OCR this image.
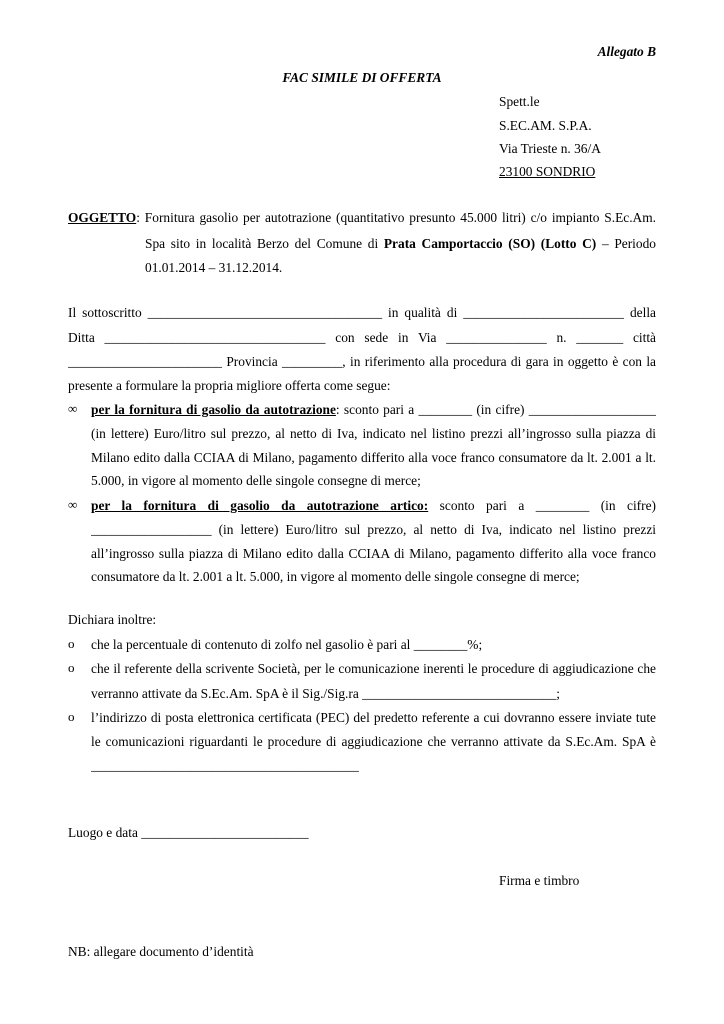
Allegato B
FAC SIMILE DI OFFERTA
Spett.le
S.EC.AM. S.P.A.
Via Trieste n. 36/A
23100 SONDRIO
OGGETTO: Fornitura gasolio per autotrazione (quantitativo presunto 45.000 litri) c/o impianto S.Ec.Am.
Spa sito in località Berzo del Comune di Prata Camportaccio (SO) (Lotto C) – Periodo
01.01.2014 – 31.12.2014.
Il sottoscritto ___________________________________ in qualità di ________________________ della
Ditta _________________________________ con sede in Via _______________ n. _______ città
_______________________ Provincia _________, in riferimento alla procedura di gara in oggetto è con la
presente a formulare la propria migliore offerta come segue:
∞ per la fornitura di gasolio da autotrazione: sconto pari a ________ (in cifre) ___________________
(in lettere) Euro/litro sul prezzo, al netto di Iva, indicato nel listino prezzi all’ingrosso sulla piazza di
Milano edito dalla CCIAA di Milano, pagamento differito alla voce franco consumatore da lt. 2.001 a lt.
5.000, in vigore al momento delle singole consegne di merce;
∞ per la fornitura di gasolio da autotrazione artico: sconto pari a ________ (in cifre)
__________________ (in lettere) Euro/litro sul prezzo, al netto di Iva, indicato nel listino prezzi
all’ingrosso sulla piazza di Milano edito dalla CCIAA di Milano, pagamento differito alla voce franco
consumatore da lt. 2.001 a lt. 5.000, in vigore al momento delle singole consegne di merce;
Dichiara inoltre:
o che la percentuale di contenuto di zolfo nel gasolio è pari al ________%;
o che il referente della scrivente Società, per le comunicazione inerenti le procedure di aggiudicazione che
verranno attivate da S.Ec.Am. SpA è il Sig./Sig.ra _____________________________;
o l’indirizzo di posta elettronica certificata (PEC) del predetto referente a cui dovranno essere inviate tute
le comunicazioni riguardanti le procedure di aggiudicazione che verranno attivate da S.Ec.Am. SpA è
________________________________________
Luogo e data _________________________
Firma e timbro
NB: allegare documento d’identità
